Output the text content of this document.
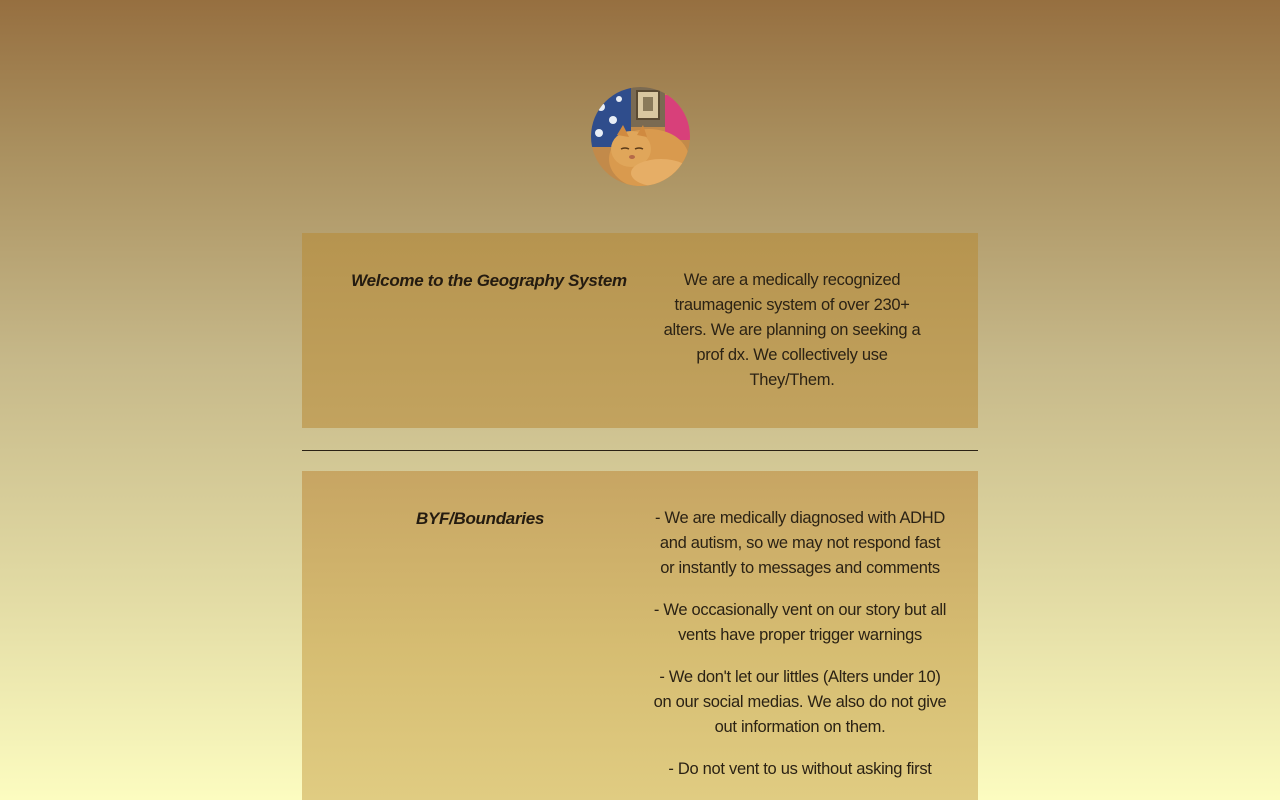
Welcome to the Geography System	We are a medically recognized traumagenic system of over 230+ alters. We are planning on seeking a prof dx. We collectively use They/Them.

BYF/Boundaries	- We are medically diagnosed with ADHD and autism, so we may not respond fast or instantly to messages and comments
- We occasionally vent on our story but all vents have proper trigger warnings
- We don't let our littles (Alters under 10) on our social medias. We also do not give out information on them.
- Do not vent to us without asking first
